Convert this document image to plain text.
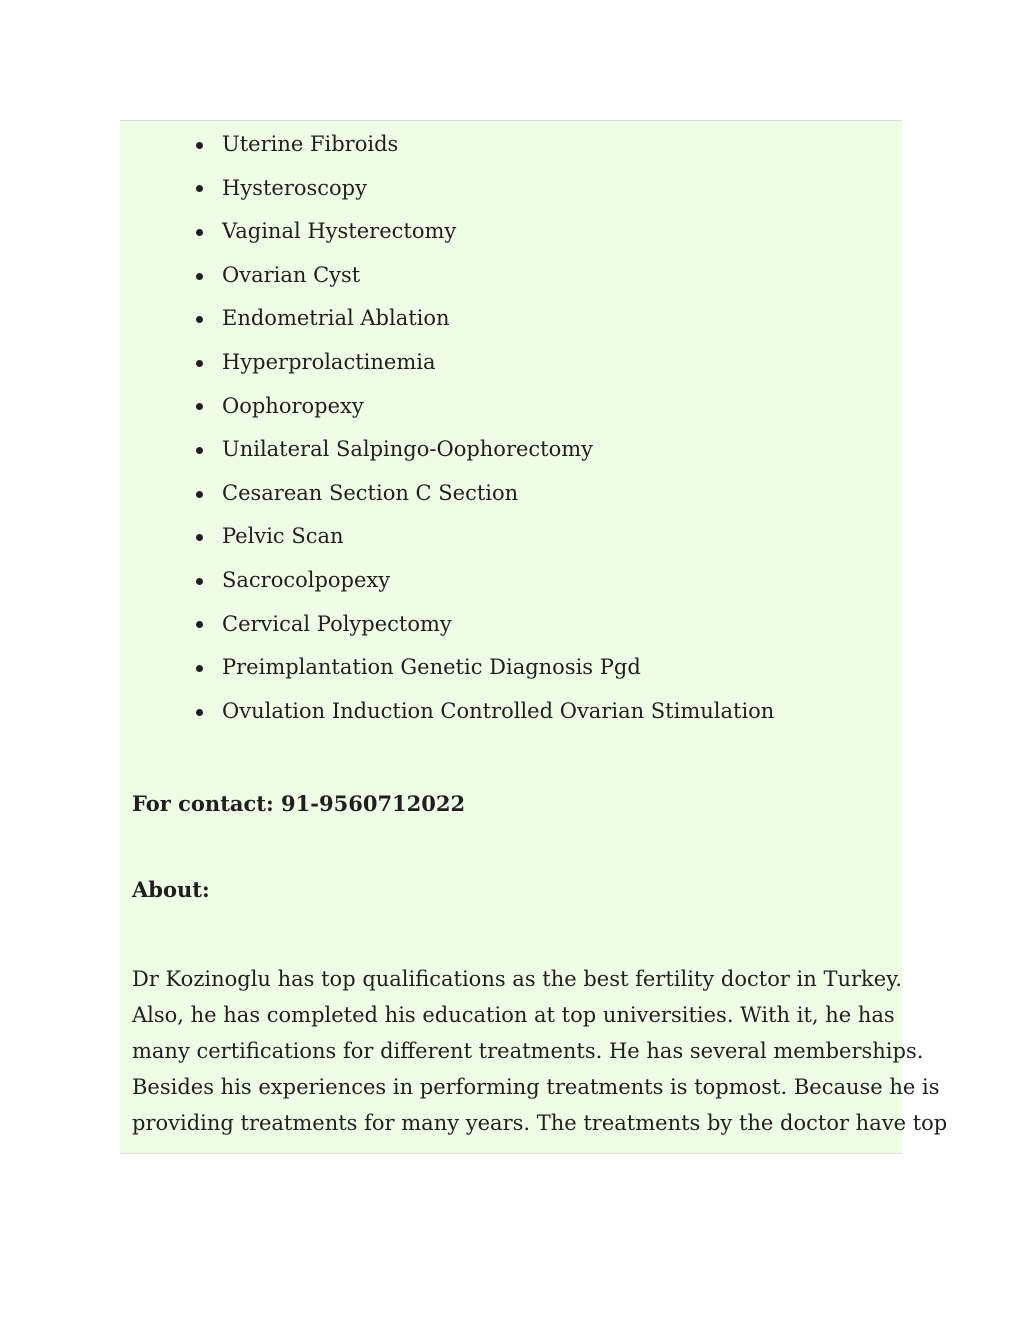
Uterine Fibroids
Hysteroscopy
Vaginal Hysterectomy
Ovarian Cyst
Endometrial Ablation
Hyperprolactinemia
Oophoropexy
Unilateral Salpingo-Oophorectomy
Cesarean Section C Section
Pelvic Scan
Sacrocolpopexy
Cervical Polypectomy
Preimplantation Genetic Diagnosis Pgd
Ovulation Induction Controlled Ovarian Stimulation
For contact: 91-9560712022
About:
Dr Kozinoglu has top qualifications as the best fertility doctor in Turkey.
Also, he has completed his education at top universities. With it, he has
many certifications for different treatments. He has several memberships.
Besides his experiences in performing treatments is topmost. Because he is
providing treatments for many years. The treatments by the doctor have top
